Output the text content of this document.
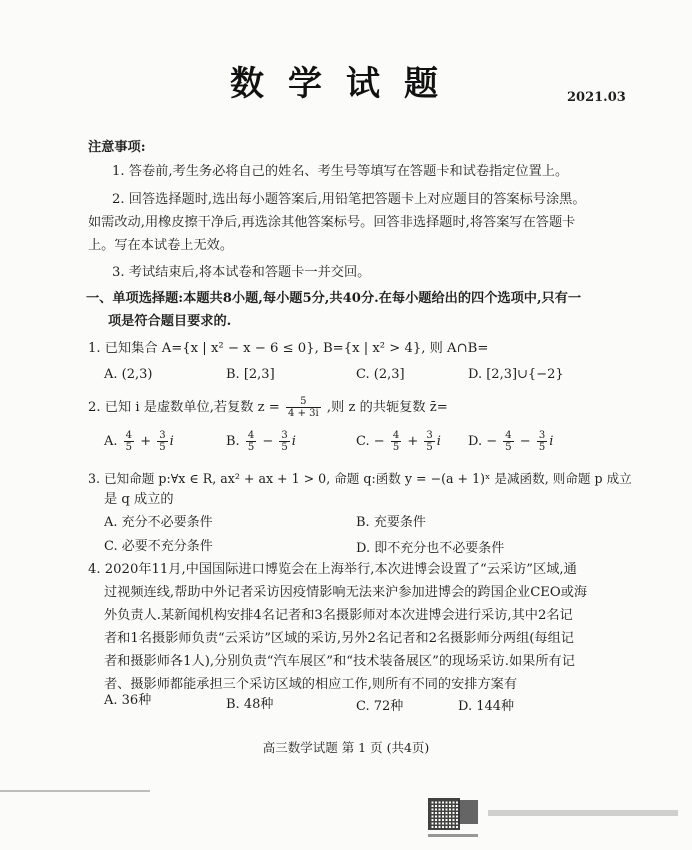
数学试题	2021.03
注意事项:
1. 答卷前,考生务必将自己的姓名、考生号等填写在答题卡和试卷指定位置上。
2. 回答选择题时,选出每小题答案后,用铅笔把答题卡上对应题目的答案标号涂黑。
如需改动,用橡皮擦干净后,再选涂其他答案标号。回答非选择题时,将答案写在答题卡
上。写在本试卷上无效。
3. 考试结束后,将本试卷和答题卡一并交回。
一、单项选择题:本题共8小题,每小题5分,共40分.在每小题给出的四个选项中,只有一
项是符合题目要求的.
1. 已知集合 A={x | x² − x − 6 ≤ 0}, B={x | x² > 4}, 则 A∩B=
A. (2,3)	B. [2,3]	C. (2,3]	D. [2,3]∪{−2}
2. 已知 i 是虚数单位,若复数 $z = \frac{5}{4 + 3i}$ ,则 z 的共轭复数 z̄=
A. $\frac{4}{5} + \frac{3}{5}$ i	B. $\frac{4}{5} - \frac{3}{5}$ i	C. − $\frac{4}{5} + \frac{3}{5}$ i D. − $\frac{4}{5} - \frac{3}{5}$ i
3. 已知命题 p:∀x ∈ R, ax² + ax + 1 > 0, 命题 q:函数 y = −(a + 1)ˣ 是减函数, 则命题 p 成立
是 q 成立的
A. 充分不必要条件	B. 充要条件
C. 必要不充分条件	D. 即不充分也不必要条件
4. 2020年11月,中国国际进口博览会在上海举行,本次进博会设置了“云采访”区域,通
过视频连线,帮助中外记者采访因疫情影响无法来沪参加进博会的跨国企业CEO或海
外负责人.某新闻机构安排4名记者和3名摄影师对本次进博会进行采访,其中2名记
者和1名摄影师负责“云采访”区域的采访,另外2名记者和2名摄影师分两组(每组记
者和摄影师各1人),分别负责“汽车展区”和“技术装备展区”的现场采访.如果所有记
者、摄影师都能承担三个采访区域的相应工作,则所有不同的安排方案有
A. 36种	B. 48种	C. 72种	D. 144种
高三数学试题 第 1 页 (共4页)
